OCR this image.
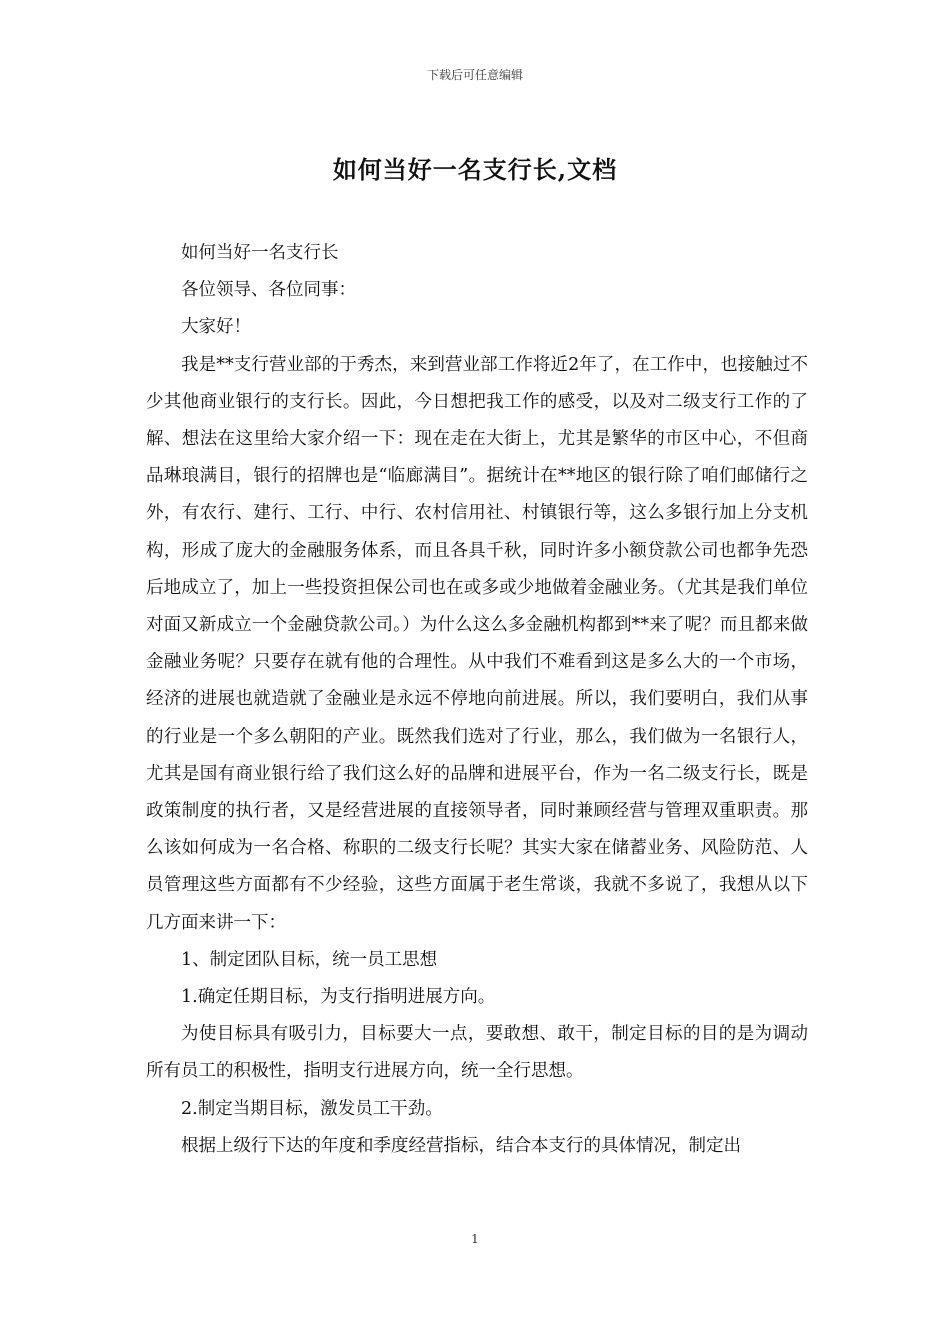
下载后可任意编辑
如何当好一名支行长,文档

如何当好一名支行长

各位领导、各位同事：

大家好！

我是**支行营业部的于秀杰，来到营业部工作将近2年了，在工作中，也接触过不少其他商业银行的支行长。因此，今日想把我工作的感受，以及对二级支行工作的了解、想法在这里给大家介绍一下：现在走在大街上，尤其是繁华的市区中心，不但商品琳琅满目，银行的招牌也是“临廊满目”。据统计在**地区的银行除了咱们邮储行之外，有农行、建行、工行、中行、农村信用社、村镇银行等，这么多银行加上分支机构，形成了庞大的金融服务体系，而且各具千秋，同时许多小额贷款公司也都争先恐后地成立了，加上一些投资担保公司也在或多或少地做着金融业务。（尤其是我们单位对面又新成立一个金融贷款公司。）为什么这么多金融机构都到**来了呢？而且都来做金融业务呢？只要存在就有他的合理性。从中我们不难看到这是多么大的一个市场，经济的进展也就造就了金融业是永远不停地向前进展。所以，我们要明白，我们从事的行业是一个多么朝阳的产业。既然我们选对了行业，那么，我们做为一名银行人，尤其是国有商业银行给了我们这么好的品牌和进展平台，作为一名二级支行长，既是政策制度的执行者，又是经营进展的直接领导者，同时兼顾经营与管理双重职责。那么该如何成为一名合格、称职的二级支行长呢？其实大家在储蓄业务、风险防范、人员管理这些方面都有不少经验，这些方面属于老生常谈，我就不多说了，我想从以下几方面来讲一下：

1、制定团队目标，统一员工思想

1.确定任期目标，为支行指明进展方向。

为使目标具有吸引力，目标要大一点，要敢想、敢干，制定目标的目的是为调动所有员工的积极性，指明支行进展方向，统一全行思想。

2.制定当期目标，激发员工干劲。

根据上级行下达的年度和季度经营指标，结合本支行的具体情况，制定出

1
